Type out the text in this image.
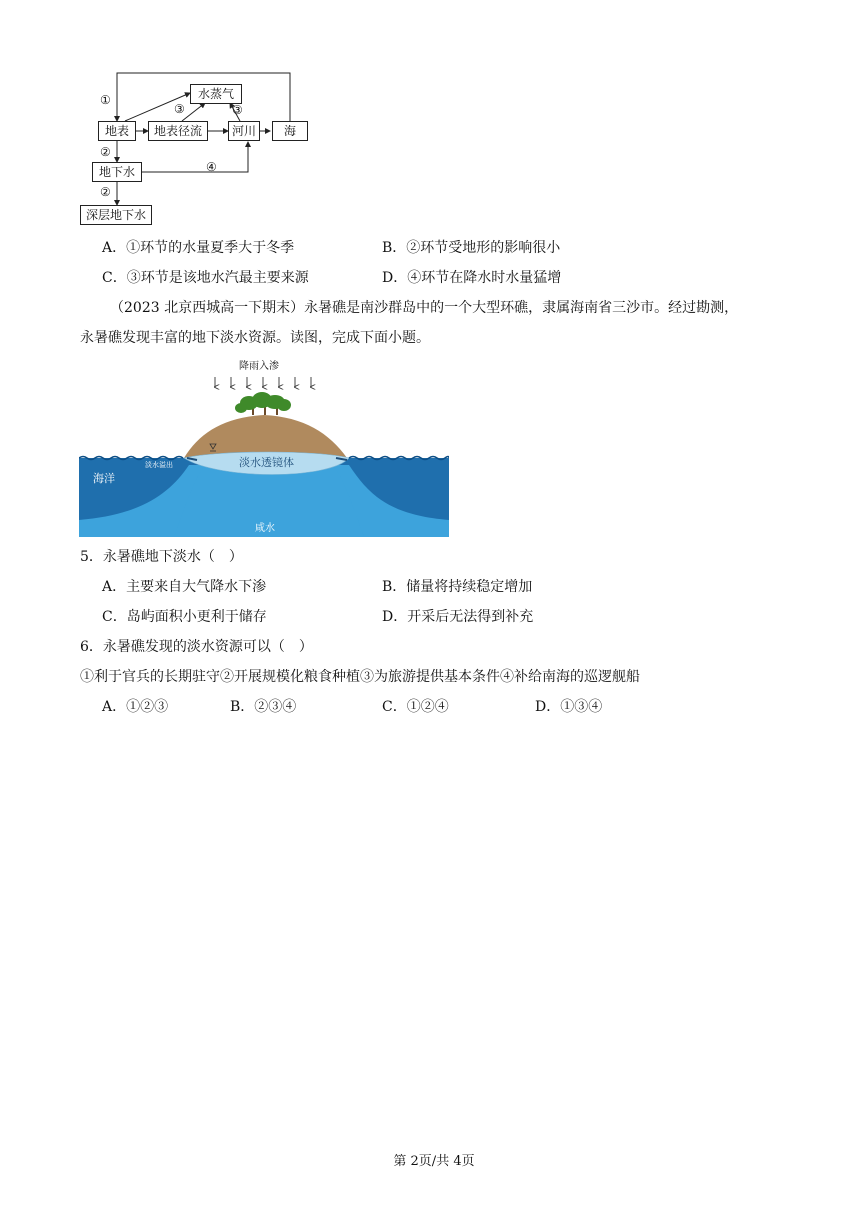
水蒸气
地表	地表径流	河川	海
地下水
深层地下水
①
③	③
②
④
②
A．①环节的水量夏季大于冬季	B．②环节受地形的影响很小
C．③环节是该地水汽最主要来源	D．④环节在降水时水量猛增
（2023 北京西城高一下期末）永暑礁是南沙群岛中的一个大型环礁，隶属海南省三沙市。经过勘测，
永暑礁发现丰富的地下淡水资源。读图，完成下面小题。
降雨入渗
海洋
淡水溢出	淡水透镜体
咸水
5．永暑礁地下淡水（　）
A．主要来自大气降水下渗	B．储量将持续稳定增加
C．岛屿面积小更利于储存	D．开采后无法得到补充
6．永暑礁发现的淡水资源可以（　）
①利于官兵的长期驻守②开展规模化粮食种植③为旅游提供基本条件④补给南海的巡逻舰船
A．①②③	B．②③④	C．①②④	D．①③④
第 2页/共 4页
